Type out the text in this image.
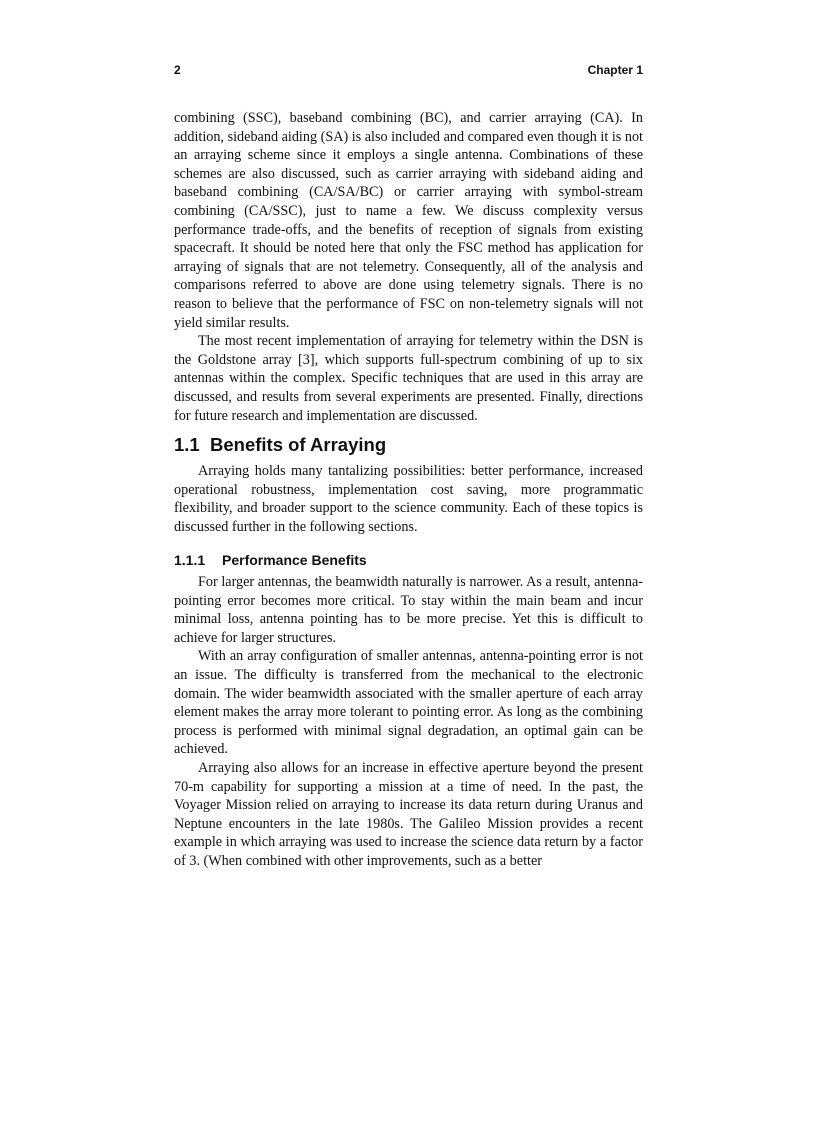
2	Chapter 1

combining (SSC), baseband combining (BC), and carrier arraying (CA). In addition, sideband aiding (SA) is also included and compared even though it is not an arraying scheme since it employs a single antenna. Combinations of these schemes are also discussed, such as carrier arraying with sideband aiding and baseband combining (CA/SA/BC) or carrier arraying with symbol-stream combining (CA/SSC), just to name a few. We discuss complexity versus performance trade-offs, and the benefits of reception of signals from existing spacecraft. It should be noted here that only the FSC method has application for arraying of signals that are not telemetry. Consequently, all of the analysis and comparisons referred to above are done using telemetry signals. There is no reason to believe that the performance of FSC on non-telemetry signals will not yield similar results.

The most recent implementation of arraying for telemetry within the DSN is the Goldstone array [3], which supports full-spectrum combining of up to six antennas within the complex. Specific techniques that are used in this array are discussed, and results from several experiments are presented. Finally, directions for future research and implementation are discussed.

1.1 Benefits of Arraying

Arraying holds many tantalizing possibilities: better performance, increased operational robustness, implementation cost saving, more programmatic flexibility, and broader support to the science community. Each of these topics is discussed further in the following sections.

1.1.1 Performance Benefits

For larger antennas, the beamwidth naturally is narrower. As a result, antenna-pointing error becomes more critical. To stay within the main beam and incur minimal loss, antenna pointing has to be more precise. Yet this is difficult to achieve for larger structures.

With an array configuration of smaller antennas, antenna-pointing error is not an issue. The difficulty is transferred from the mechanical to the electronic domain. The wider beamwidth associated with the smaller aperture of each array element makes the array more tolerant to pointing error. As long as the combining process is performed with minimal signal degradation, an optimal gain can be achieved.

Arraying also allows for an increase in effective aperture beyond the present 70-m capability for supporting a mission at a time of need. In the past, the Voyager Mission relied on arraying to increase its data return during Uranus and Neptune encounters in the late 1980s. The Galileo Mission provides a recent example in which arraying was used to increase the science data return by a factor of 3. (When combined with other improvements, such as a better
